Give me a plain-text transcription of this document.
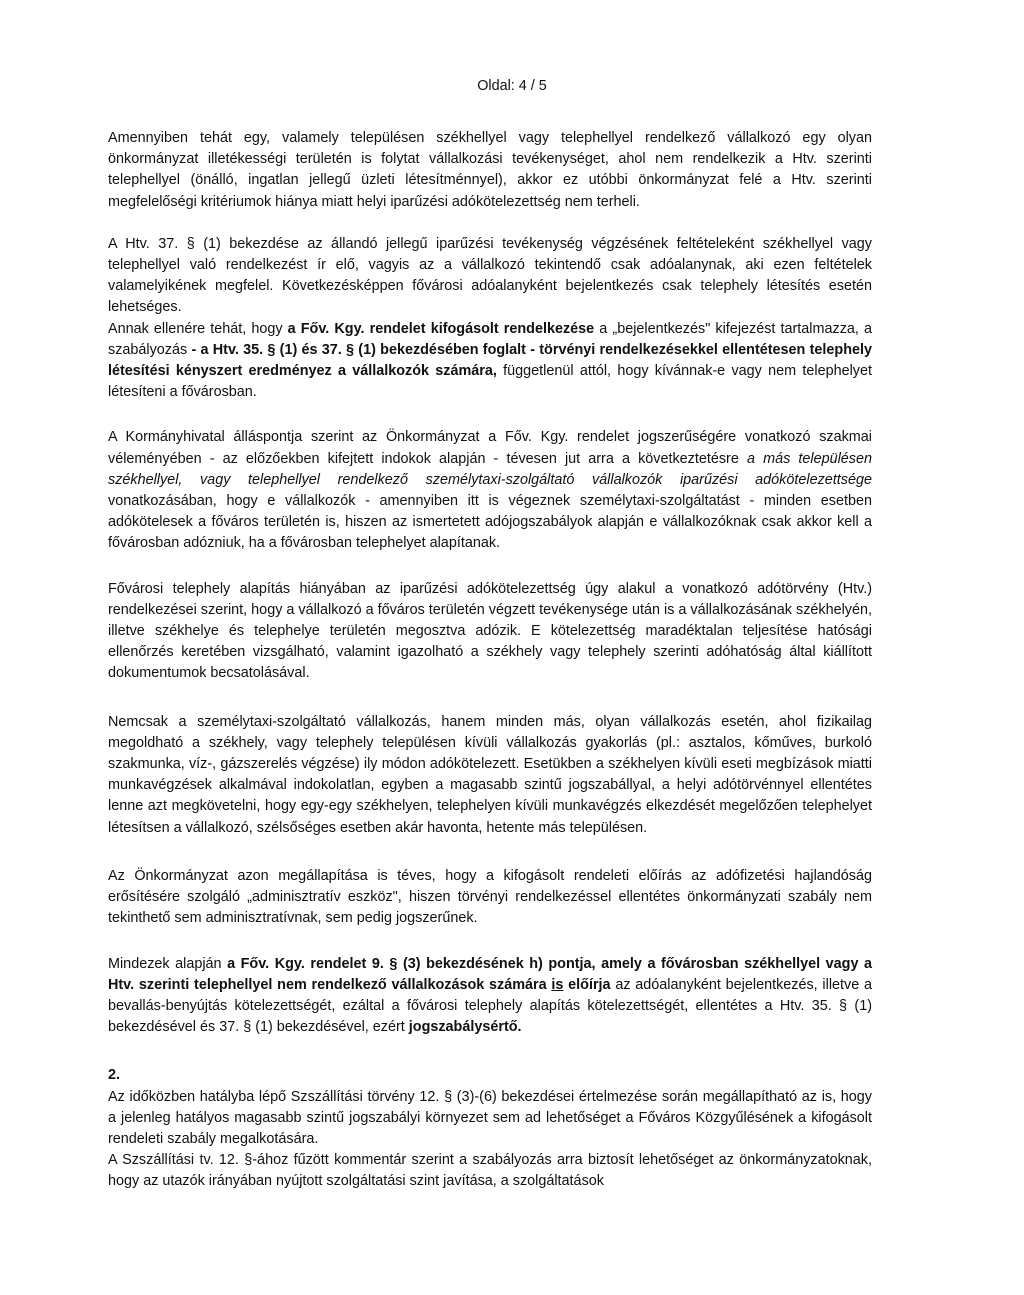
Oldal: 4 / 5

Amennyiben tehát egy, valamely településen székhellyel vagy telephellyel rendelkező vállalkozó egy olyan önkormányzat illetékességi területén is folytat vállalkozási tevékenységet, ahol nem rendelkezik a Htv. szerinti telephellyel (önálló, ingatlan jellegű üzleti létesítménnyel), akkor ez utóbbi önkormányzat felé a Htv. szerinti megfelelőségi kritériumok hiánya miatt helyi iparűzési adókötelezettség nem terheli.

A Htv. 37. § (1) bekezdése az állandó jellegű iparűzési tevékenység végzésének feltételeként székhellyel vagy telephellyel való rendelkezést ír elő, vagyis az a vállalkozó tekintendő csak adóalanynak, aki ezen feltételek valamelyikének megfelel. Következésképpen fővárosi adóalanyként bejelentkezés csak telephely létesítés esetén lehetséges.

Annak ellenére tehát, hogy a Főv. Kgy. rendelet kifogásolt rendelkezése a „bejelentkezés" kifejezést tartalmazza, a szabályozás - a Htv. 35. § (1) és 37. § (1) bekezdésében foglalt - törvényi rendelkezésekkel ellentétesen telephely létesítési kényszert eredményez a vállalkozók számára, függetlenül attól, hogy kívánnak-e vagy nem telephelyet létesíteni a fővárosban.

A Kormányhivatal álláspontja szerint az Önkormányzat a Főv. Kgy. rendelet jogszerűségére vonatkozó szakmai véleményében - az előzőekben kifejtett indokok alapján - tévesen jut arra a következtetésre a más településen székhellyel, vagy telephellyel rendelkező személytaxi-szolgáltató vállalkozók iparűzési adókötelezettsége vonatkozásában, hogy e vállalkozók - amennyiben itt is végeznek személytaxi-szolgáltatást - minden esetben adókötelesek a főváros területén is, hiszen az ismertetett adójogszabályok alapján e vállalkozóknak csak akkor kell a fővárosban adózniuk, ha a fővárosban telephelyet alapítanak.

Fővárosi telephely alapítás hiányában az iparűzési adókötelezettség úgy alakul a vonatkozó adótörvény (Htv.) rendelkezései szerint, hogy a vállalkozó a főváros területén végzett tevékenysége után is a vállalkozásának székhelyén, illetve székhelye és telephelye területén megosztva adózik. E kötelezettség maradéktalan teljesítése hatósági ellenőrzés keretében vizsgálható, valamint igazolható a székhely vagy telephely szerinti adóhatóság által kiállított dokumentumok becsatolásával.

Nemcsak a személytaxi-szolgáltató vállalkozás, hanem minden más, olyan vállalkozás esetén, ahol fizikailag megoldható a székhely, vagy telephely településen kívüli vállalkozás gyakorlás (pl.: asztalos, kőműves, burkoló szakmunka, víz-, gázszerelés végzése) ily módon adókötelezett. Esetükben a székhelyen kívüli eseti megbízások miatti munkavégzések alkalmával indokolatlan, egyben a magasabb szintű jogszabállyal, a helyi adótörvénnyel ellentétes lenne azt megkövetelni, hogy egy-egy székhelyen, telephelyen kívüli munkavégzés elkezdését megelőzően telephelyet létesítsen a vállalkozó, szélsőséges esetben akár havonta, hetente más településen.

Az Önkormányzat azon megállapítása is téves, hogy a kifogásolt rendeleti előírás az adófizetési hajlandóság erősítésére szolgáló „adminisztratív eszköz", hiszen törvényi rendelkezéssel ellentétes önkormányzati szabály nem tekinthető sem adminisztratívnak, sem pedig jogszerűnek.

Mindezek alapján a Főv. Kgy. rendelet 9. § (3) bekezdésének h) pontja, amely a fővárosban székhellyel vagy a Htv. szerinti telephellyel nem rendelkező vállalkozások számára is előírja az adóalanyként bejelentkezés, illetve a bevallás-benyújtás kötelezettségét, ezáltal a fővárosi telephely alapítás kötelezettségét, ellentétes a Htv. 35. § (1) bekezdésével és 37. § (1) bekezdésével, ezért jogszabálysértő.

2.

Az időközben hatályba lépő Szszállítási törvény 12. § (3)-(6) bekezdései értelmezése során megállapítható az is, hogy a jelenleg hatályos magasabb szintű jogszabályi környezet sem ad lehetőséget a Főváros Közgyűlésének a kifogásolt rendeleti szabály megalkotására.

A Szszállítási tv. 12. §-ához fűzött kommentár szerint a szabályozás arra biztosít lehetőséget az önkormányzatoknak, hogy az utazók irányában nyújtott szolgáltatási szint javítása, a szolgáltatások
